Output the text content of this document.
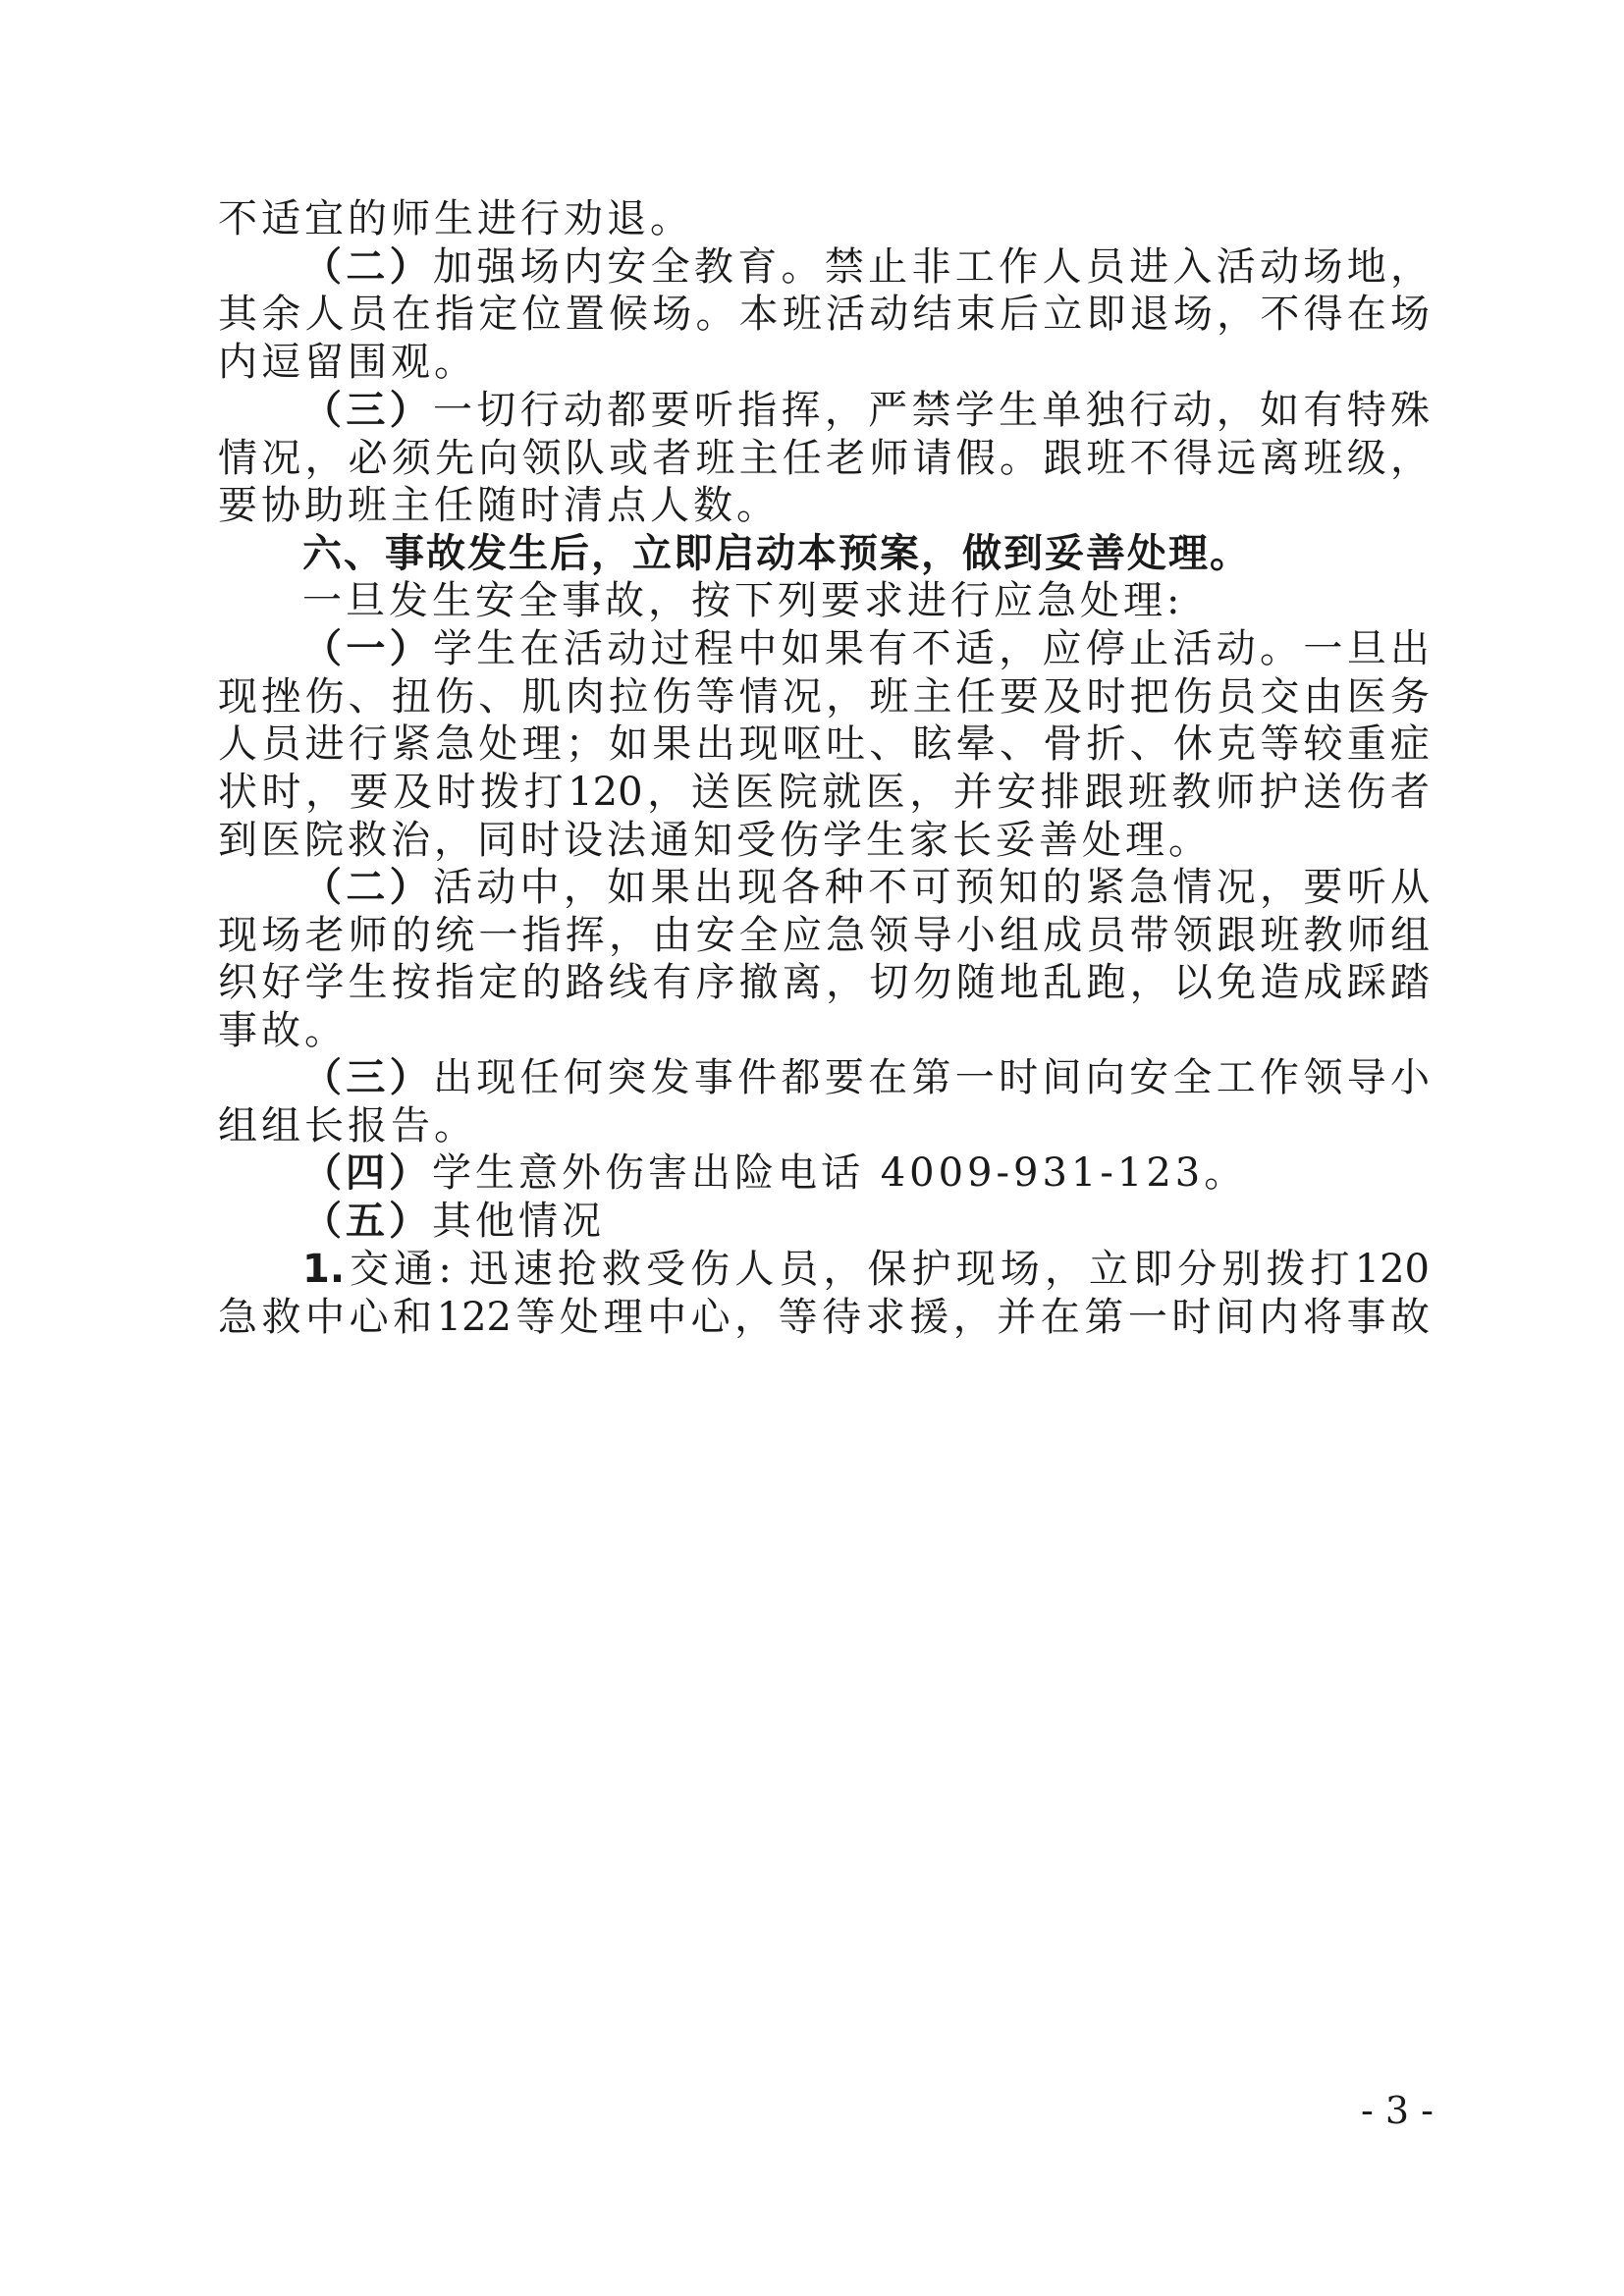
不适宜的师生进行劝退。
（二）加强场内安全教育。禁止非工作人员进入活动场地，
其余人员在指定位置候场。本班活动结束后立即退场，不得在场
内逗留围观。
（三）一切行动都要听指挥，严禁学生单独行动，如有特殊
情况，必须先向领队或者班主任老师请假。跟班不得远离班级，
要协助班主任随时清点人数。
六、事故发生后，立即启动本预案，做到妥善处理。
一旦发生安全事故，按下列要求进行应急处理:
（一）学生在活动过程中如果有不适，应停止活动。一旦出
现挫伤、扭伤、肌肉拉伤等情况，班主任要及时把伤员交由医务
人员进行紧急处理；如果出现呕吐、眩晕、骨折、休克等较重症
状时，要及时拨打120，送医院就医，并安排跟班教师护送伤者
到医院救治，同时设法通知受伤学生家长妥善处理。
（二）活动中，如果出现各种不可预知的紧急情况，要听从
现场老师的统一指挥，由安全应急领导小组成员带领跟班教师组
织好学生按指定的路线有序撤离，切勿随地乱跑，以免造成踩踏
事故。
（三）出现任何突发事件都要在第一时间向安全工作领导小
组组长报告。
（四）学生意外伤害出险电话 4009-931-123。
（五）其他情况
1.交通: 迅速抢救受伤人员，保护现场，立即分别拨打120
急救中心和122等处理中心，等待求援，并在第一时间内将事故
- 3 -
